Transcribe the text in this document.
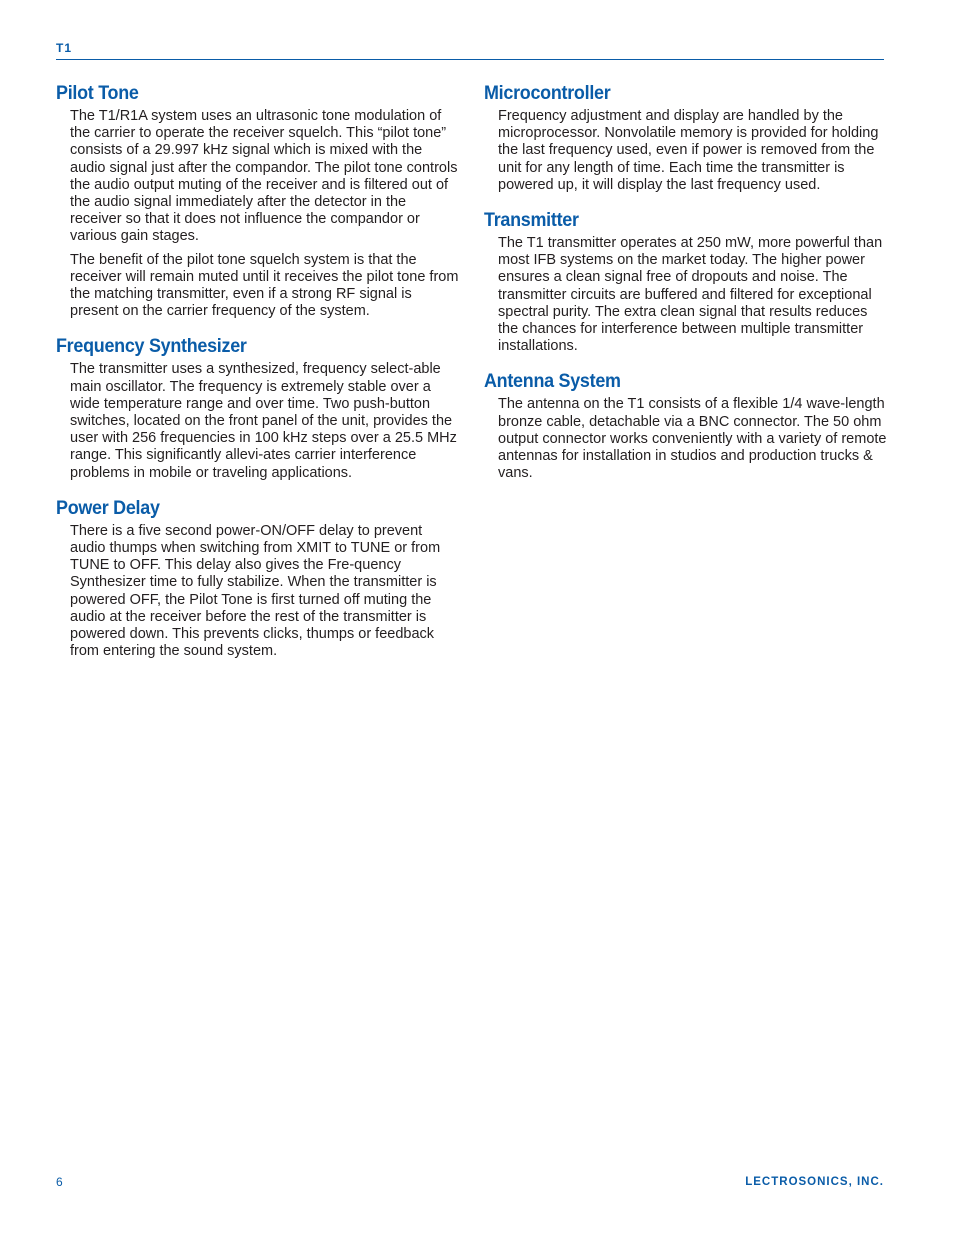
T1
Pilot Tone

The T1/R1A system uses an ultrasonic tone modulation of the carrier to operate the receiver squelch. This “pilot tone” consists of a 29.997 kHz signal which is mixed with the audio signal just after the compandor. The pilot tone controls the audio output muting of the receiver and is filtered out of the audio signal immediately after the detector in the receiver so that it does not influence the compandor or various gain stages.

The benefit of the pilot tone squelch system is that the receiver will remain muted until it receives the pilot tone from the matching transmitter, even if a strong RF signal is present on the carrier frequency of the system.

Frequency Synthesizer

The transmitter uses a synthesized, frequency select-able main oscillator. The frequency is extremely stable over a wide temperature range and over time. Two push-button switches, located on the front panel of the unit, provides the user with 256 frequencies in 100 kHz steps over a 25.5 MHz range. This significantly allevi-ates carrier interference problems in mobile or traveling applications.

Power Delay

There is a five second power-ON/OFF delay to prevent audio thumps when switching from XMIT to TUNE or from TUNE to OFF. This delay also gives the Fre-quency Synthesizer time to fully stabilize. When the transmitter is powered OFF, the Pilot Tone is first turned off muting the audio at the receiver before the rest of the transmitter is powered down. This prevents clicks, thumps or feedback from entering the sound system.

Microcontroller

Frequency adjustment and display are handled by the microprocessor. Nonvolatile memory is provided for holding the last frequency used, even if power is removed from the unit for any length of time. Each time the transmitter is powered up, it will display the last frequency used.

Transmitter

The T1 transmitter operates at 250 mW, more powerful than most IFB systems on the market today. The higher power ensures a clean signal free of dropouts and noise. The transmitter circuits are buffered and filtered for exceptional spectral purity. The extra clean signal that results reduces the chances for interference between multiple transmitter installations.

Antenna System

The antenna on the T1 consists of a flexible 1/4 wave-length bronze cable, detachable via a BNC connector. The 50 ohm output connector works conveniently with a variety of remote antennas for installation in studios and production trucks & vans.

6	LECTROSONICS, INC.
